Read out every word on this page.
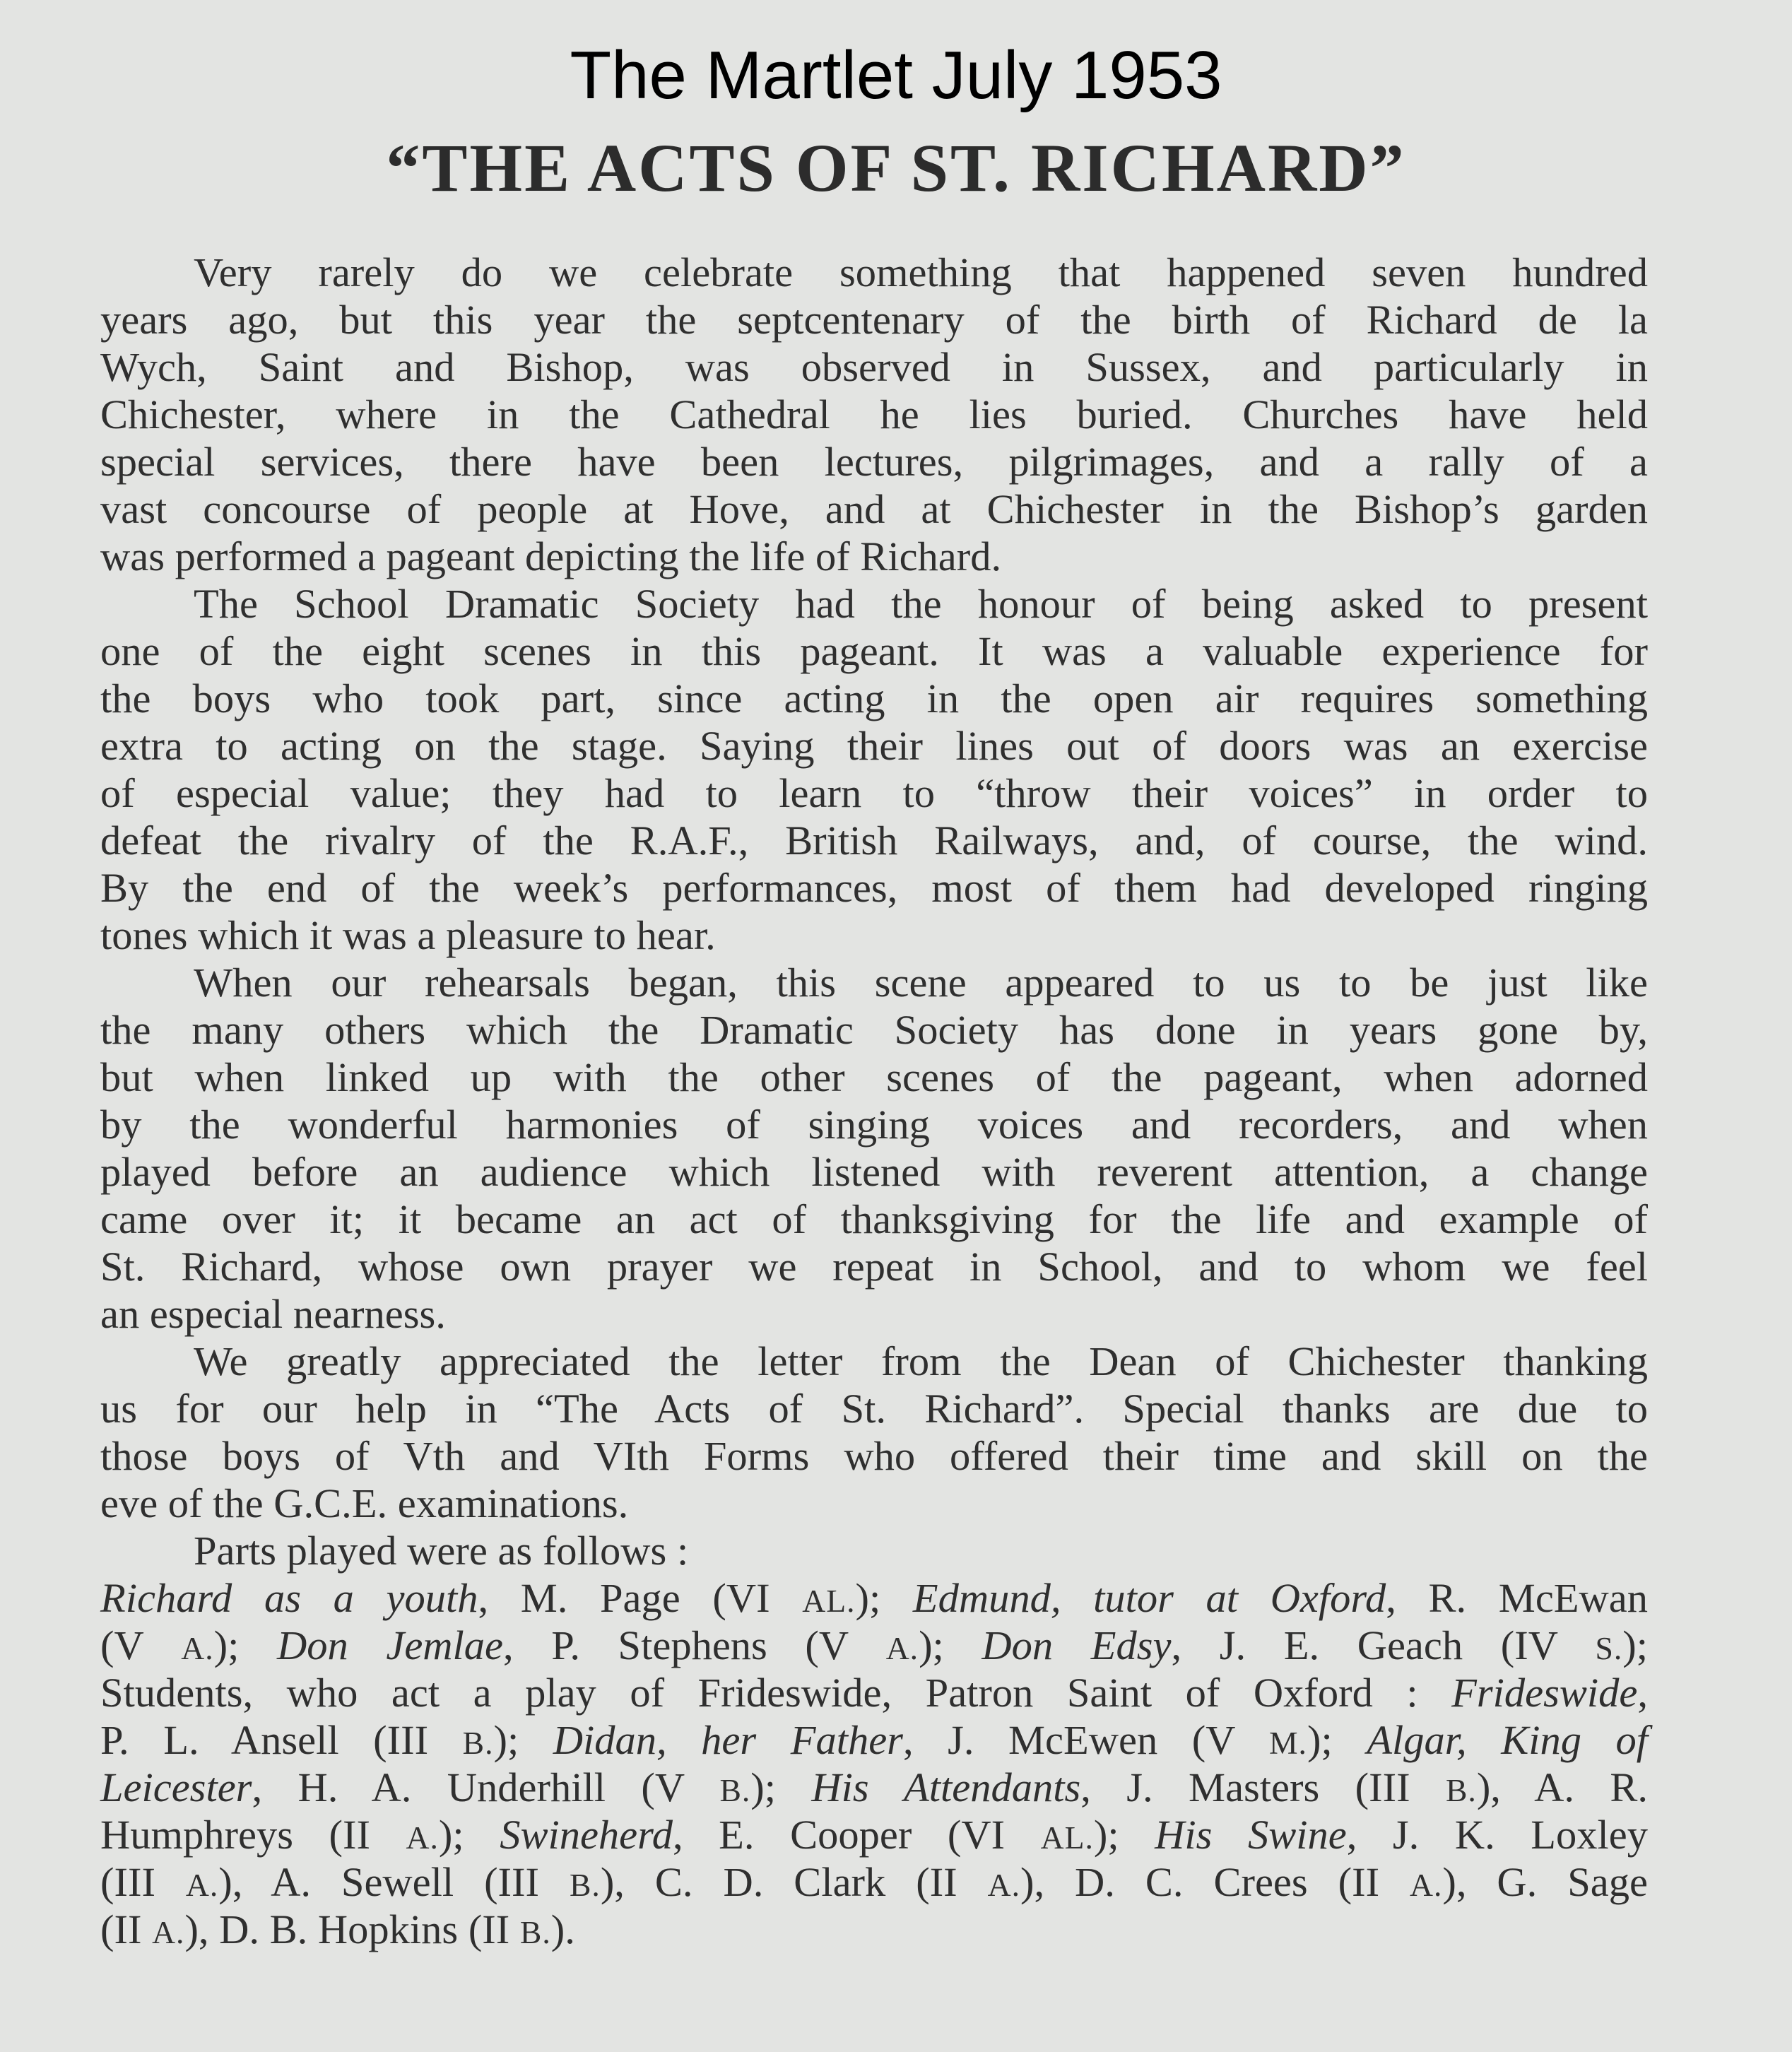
The Martlet July 1953
“THE ACTS OF ST. RICHARD”
Very rarely do we celebrate something that happened seven hundred
years ago, but this year the septcentenary of the birth of Richard de la
Wych, Saint and Bishop, was observed in Sussex, and particularly in
Chichester, where in the Cathedral he lies buried. Churches have held
special services, there have been lectures, pilgrimages, and a rally of a
vast concourse of people at Hove, and at Chichester in the Bishop’s garden
was performed a pageant depicting the life of Richard.
The School Dramatic Society had the honour of being asked to present
one of the eight scenes in this pageant. It was a valuable experience for
the boys who took part, since acting in the open air requires something
extra to acting on the stage. Saying their lines out of doors was an exercise
of especial value; they had to learn to “throw their voices” in order to
defeat the rivalry of the R.A.F., British Railways, and, of course, the wind.
By the end of the week’s performances, most of them had developed ringing
tones which it was a pleasure to hear.
When our rehearsals began, this scene appeared to us to be just like
the many others which the Dramatic Society has done in years gone by,
but when linked up with the other scenes of the pageant, when adorned
by the wonderful harmonies of singing voices and recorders, and when
played before an audience which listened with reverent attention, a change
came over it; it became an act of thanksgiving for the life and example of
St. Richard, whose own prayer we repeat in School, and to whom we feel
an especial nearness.
We greatly appreciated the letter from the Dean of Chichester thanking
us for our help in “The Acts of St. Richard”. Special thanks are due to
those boys of Vth and VIth Forms who offered their time and skill on the
eve of the G.C.E. examinations.
Parts played were as follows :
Richard as a youth, M. Page (VI AL.); Edmund, tutor at Oxford, R. McEwan
(V A.); Don Jemlae, P. Stephens (V A.); Don Edsy, J. E. Geach (IV S.);
Students, who act a play of Frideswide, Patron Saint of Oxford : Frideswide,
P. L. Ansell (III B.); Didan, her Father, J. McEwen (V M.); Algar, King of
Leicester, H. A. Underhill (V B.); His Attendants, J. Masters (III B.), A. R.
Humphreys (II A.); Swineherd, E. Cooper (VI AL.); His Swine, J. K. Loxley
(III A.), A. Sewell (III B.), C. D. Clark (II A.), D. C. Crees (II A.), G. Sage
(II A.), D. B. Hopkins (II B.).
